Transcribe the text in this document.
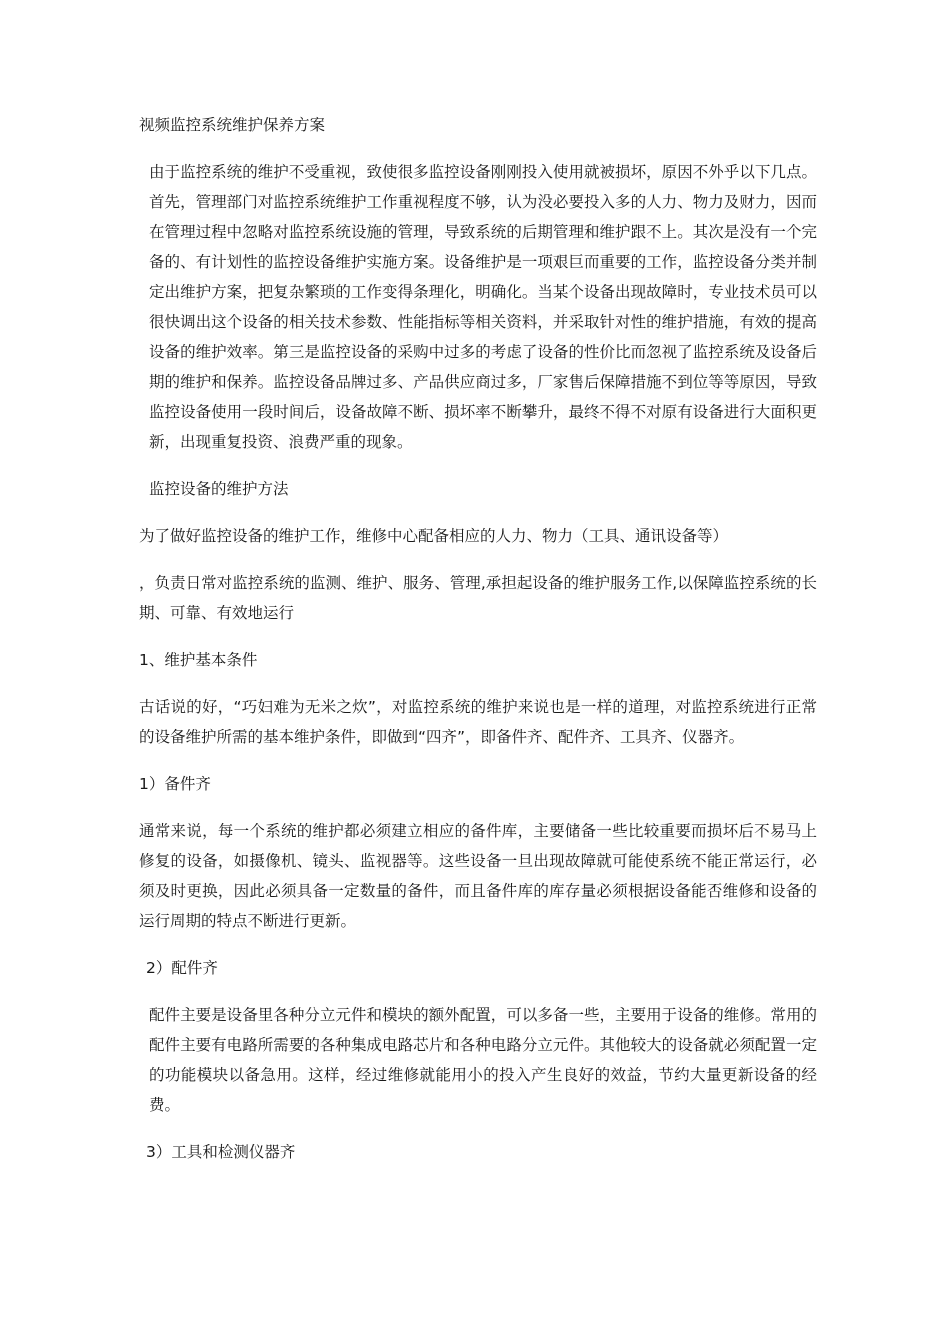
视频监控系统维护保养方案

由于监控系统的维护不受重视，致使很多监控设备刚刚投入使用就被损坏，原因不外乎以下几点。首先，管理部门对监控系统维护工作重视程度不够，认为没必要投入多的人力、物力及财力，因而在管理过程中忽略对监控系统设施的管理，导致系统的后期管理和维护跟不上。其次是没有一个完备的、有计划性的监控设备维护实施方案。设备维护是一项艰巨而重要的工作，监控设备分类并制定出维护方案，把复杂繁琐的工作变得条理化，明确化。当某个设备出现故障时，专业技术员可以很快调出这个设备的相关技术参数、性能指标等相关资料，并采取针对性的维护措施，有效的提高设备的维护效率。第三是监控设备的采购中过多的考虑了设备的性价比而忽视了监控系统及设备后期的维护和保养。监控设备品牌过多、产品供应商过多，厂家售后保障措施不到位等等原因，导致监控设备使用一段时间后，设备故障不断、损坏率不断攀升，最终不得不对原有设备进行大面积更新，出现重复投资、浪费严重的现象。

监控设备的维护方法

为了做好监控设备的维护工作，维修中心配备相应的人力、物力（工具、通讯设备等）

，负责日常对监控系统的监测、维护、服务、管理,承担起设备的维护服务工作,以保障监控系统的长期、可靠、有效地运行

1、维护基本条件

古话说的好，“巧妇难为无米之炊”，对监控系统的维护来说也是一样的道理，对监控系统进行正常的设备维护所需的基本维护条件，即做到“四齐”，即备件齐、配件齐、工具齐、仪器齐。

1）备件齐

通常来说，每一个系统的维护都必须建立相应的备件库，主要储备一些比较重要而损坏后不易马上修复的设备，如摄像机、镜头、监视器等。这些设备一旦出现故障就可能使系统不能正常运行，必须及时更换，因此必须具备一定数量的备件，而且备件库的库存量必须根据设备能否维修和设备的运行周期的特点不断进行更新。

2）配件齐

配件主要是设备里各种分立元件和模块的额外配置，可以多备一些，主要用于设备的维修。常用的配件主要有电路所需要的各种集成电路芯片和各种电路分立元件。其他较大的设备就必须配置一定的功能模块以备急用。这样，经过维修就能用小的投入产生良好的效益，节约大量更新设备的经费。

3）工具和检测仪器齐
